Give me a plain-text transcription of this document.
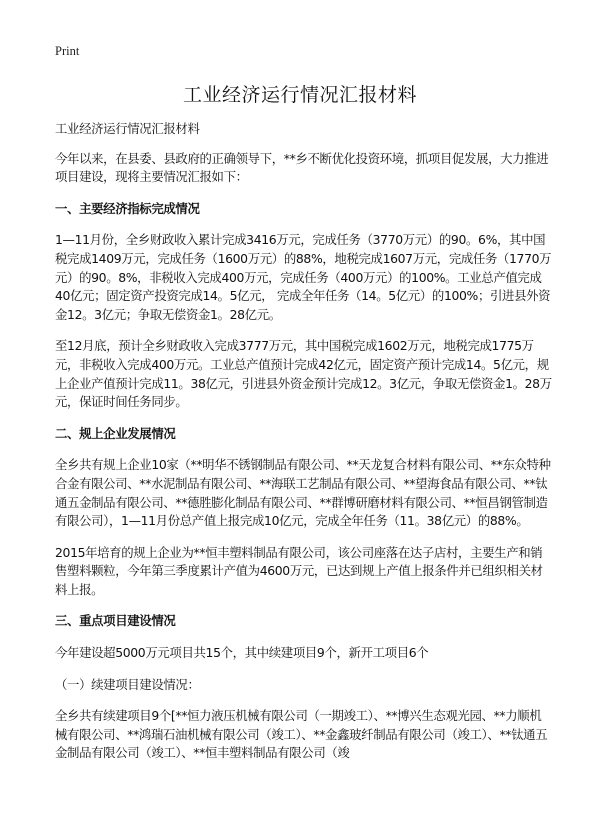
Print
工业经济运行情况汇报材料

工业经济运行情况汇报材料

今年以来，在县委、县政府的正确领导下，**乡不断优化投资环境，抓项目促发展，大力推进项目建设，现将主要情况汇报如下：

一、主要经济指标完成情况

1—11月份，全乡财政收入累计完成3416万元，完成任务（3770万元）的90。6%，其中国税完成1409万元，完成任务（1600万元）的88%，地税完成1607万元，完成任务（1770万元）的90。8%，非税收入完成400万元，完成任务（400万元）的100%。工业总产值完成40亿元；固定资产投资完成14。5亿元， 完成全年任务（14。5亿元）的100%；引进县外资金12。3亿元；争取无偿资金1。28亿元。

至12月底，预计全乡财政收入完成3777万元，其中国税完成1602万元，地税完成1775万元，非税收入完成400万元。工业总产值预计完成42亿元，固定资产预计完成14。5亿元，规上企业产值预计完成11。38亿元，引进县外资金预计完成12。3亿元，争取无偿资金1。28万元，保证时间任务同步。

二、规上企业发展情况

全乡共有规上企业10家（**明华不锈钢制品有限公司、**天龙复合材料有限公司、**东众特种合金有限公司、**水泥制品有限公司、**海联工艺制品有限公司、**望海食品有限公司、**钛通五金制品有限公司、**德胜膨化制品有限公司、**群博研磨材料有限公司、**恒昌钢管制造有限公司），1—11月份总产值上报完成10亿元，完成全年任务（11。38亿元）的88%。

2015年培育的规上企业为**恒丰塑料制品有限公司，该公司座落在达子店村，主要生产和销售塑料颗粒，今年第三季度累计产值为4600万元，已达到规上产值上报条件并已组织相关材料上报。

三、重点项目建设情况

今年建设超5000万元项目共15个，其中续建项目9个，新开工项目6个

（一）续建项目建设情况：

全乡共有续建项目9个[**恒力液压机械有限公司（一期竣工）、**博兴生态观光园、**力顺机械有限公司、**鸿瑞石油机械有限公司（竣工）、**金鑫玻纤制品有限公司（竣工）、**钛通五金制品有限公司（竣工）、**恒丰塑料制品有限公司（竣
